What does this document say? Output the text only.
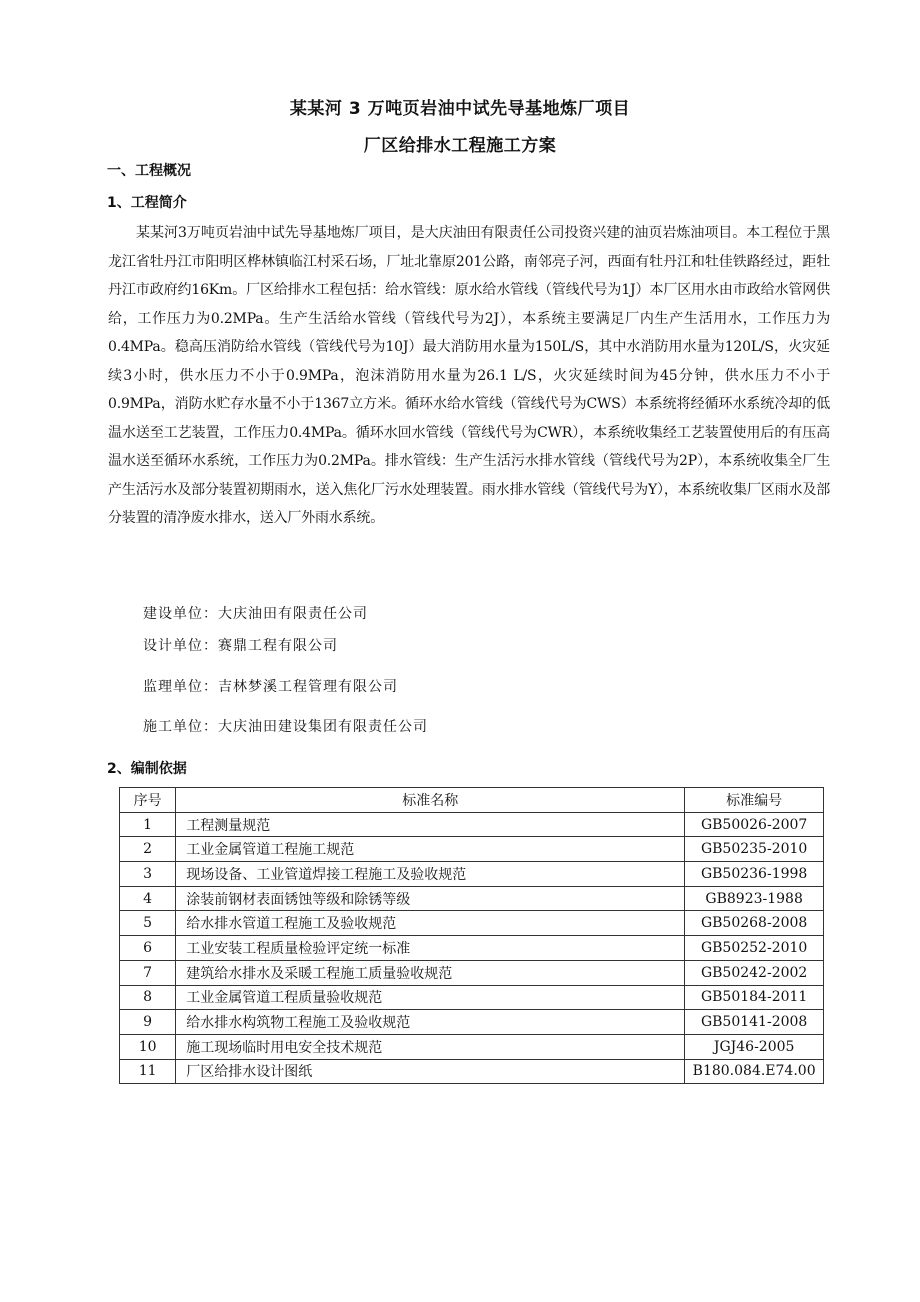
某某河 3 万吨页岩油中试先导基地炼厂项目
厂区给排水工程施工方案
一、工程概况
1、工程简介
某某河3万吨页岩油中试先导基地炼厂项目，是大庆油田有限责任公司投资兴建的油页岩炼油项目。本工程位于黑龙江省牡丹江市阳明区桦林镇临江村采石场，厂址北靠原201公路，南邻亮子河，西面有牡丹江和牡佳铁路经过，距牡丹江市政府约16Km。厂区给排水工程包括：给水管线：原水给水管线（管线代号为1J）本厂区用水由市政给水管网供给，工作压力为0.2MPa。生产生活给水管线（管线代号为2J），本系统主要满足厂内生产生活用水，工作压力为0.4MPa。稳高压消防给水管线（管线代号为10J）最大消防用水量为150L/S，其中水消防用水量为120L/S，火灾延续3小时，供水压力不小于0.9MPa，泡沫消防用水量为26.1 L/S，火灾延续时间为45分钟，供水压力不小于0.9MPa，消防水贮存水量不小于1367立方米。循环水给水管线（管线代号为CWS）本系统将经循环水系统冷却的低温水送至工艺装置，工作压力0.4MPa。循环水回水管线（管线代号为CWR），本系统收集经工艺装置使用后的有压高温水送至循环水系统，工作压力为0.2MPa。排水管线：生产生活污水排水管线（管线代号为2P），本系统收集全厂生产生活污水及部分装置初期雨水，送入焦化厂污水处理装置。雨水排水管线（管线代号为Y），本系统收集厂区雨水及部分装置的清净废水排水，送入厂外雨水系统。
建设单位：大庆油田有限责任公司
设计单位：赛鼎工程有限公司
监理单位：吉林梦溪工程管理有限公司
施工单位：大庆油田建设集团有限责任公司
2、编制依据
序号	标准名称	标准编号
1	工程测量规范	GB50026-2007
2	工业金属管道工程施工规范	GB50235-2010
3	现场设备、工业管道焊接工程施工及验收规范	GB50236-1998
4	涂装前钢材表面锈蚀等级和除锈等级	GB8923-1988
5	给水排水管道工程施工及验收规范	GB50268-2008
6	工业安装工程质量检验评定统一标准	GB50252-2010
7	建筑给水排水及采暖工程施工质量验收规范	GB50242-2002
8	工业金属管道工程质量验收规范	GB50184-2011
9	给水排水构筑物工程施工及验收规范	GB50141-2008
10	施工现场临时用电安全技术规范	JGJ46-2005
11	厂区给排水设计图纸	B180.084.E74.00
